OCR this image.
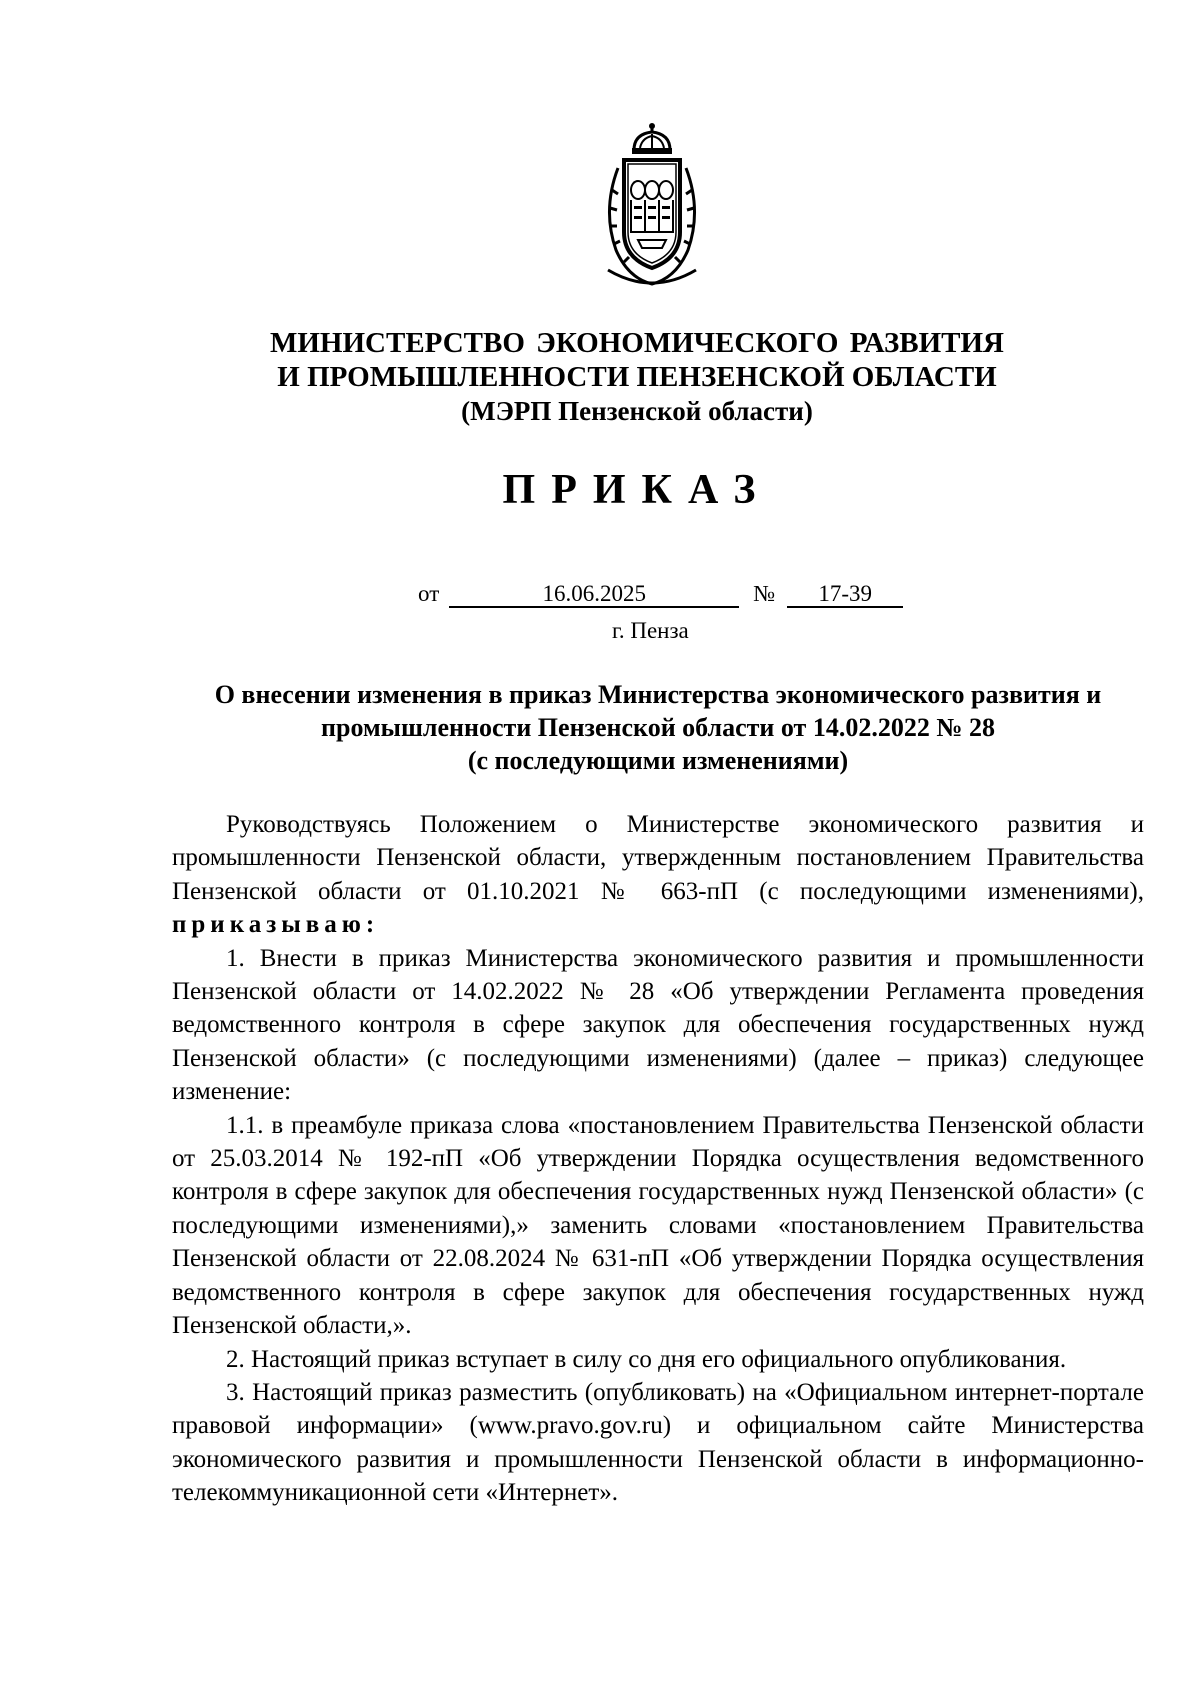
МИНИСТЕРСТВО ЭКОНОМИЧЕСКОГО РАЗВИТИЯ
И ПРОМЫШЛЕННОСТИ ПЕНЗЕНСКОЙ ОБЛАСТИ
(МЭРП Пензенской области)
ПРИКАЗ
от	16.06.2025	№ 17-39
г. Пенза
О внесении изменения в приказ Министерства экономического развития и
промышленности Пензенской области от 14.02.2022 № 28
(с последующими изменениями)

Руководствуясь Положением о Министерстве экономического развития и промышленности Пензенской области, утвержденным постановлением Правительства Пензенской области от 01.10.2021 № 663-пП (с последующими изменениями), приказываю:

1. Внести в приказ Министерства экономического развития и промышленности Пензенской области от 14.02.2022 № 28 «Об утверждении Регламента проведения ведомственного контроля в сфере закупок для обеспечения государственных нужд Пензенской области» (с последующими изменениями) (далее – приказ) следующее изменение:

1.1. в преамбуле приказа слова «постановлением Правительства Пензенской области от 25.03.2014 № 192-пП «Об утверждении Порядка осуществления ведомственного контроля в сфере закупок для обеспечения государственных нужд Пензенской области» (с последующими изменениями),» заменить словами «постановлением Правительства Пензенской области от 22.08.2024 № 631-пП «Об утверждении Порядка осуществления ведомственного контроля в сфере закупок для обеспечения государственных нужд Пензенской области,».

2. Настоящий приказ вступает в силу со дня его официального опубликования.

3. Настоящий приказ разместить (опубликовать) на «Официальном интернет-портале правовой информации» (www.pravo.gov.ru) и официальном сайте Министерства экономического развития и промышленности Пензенской области в информационно-телекоммуникационной сети «Интернет».
